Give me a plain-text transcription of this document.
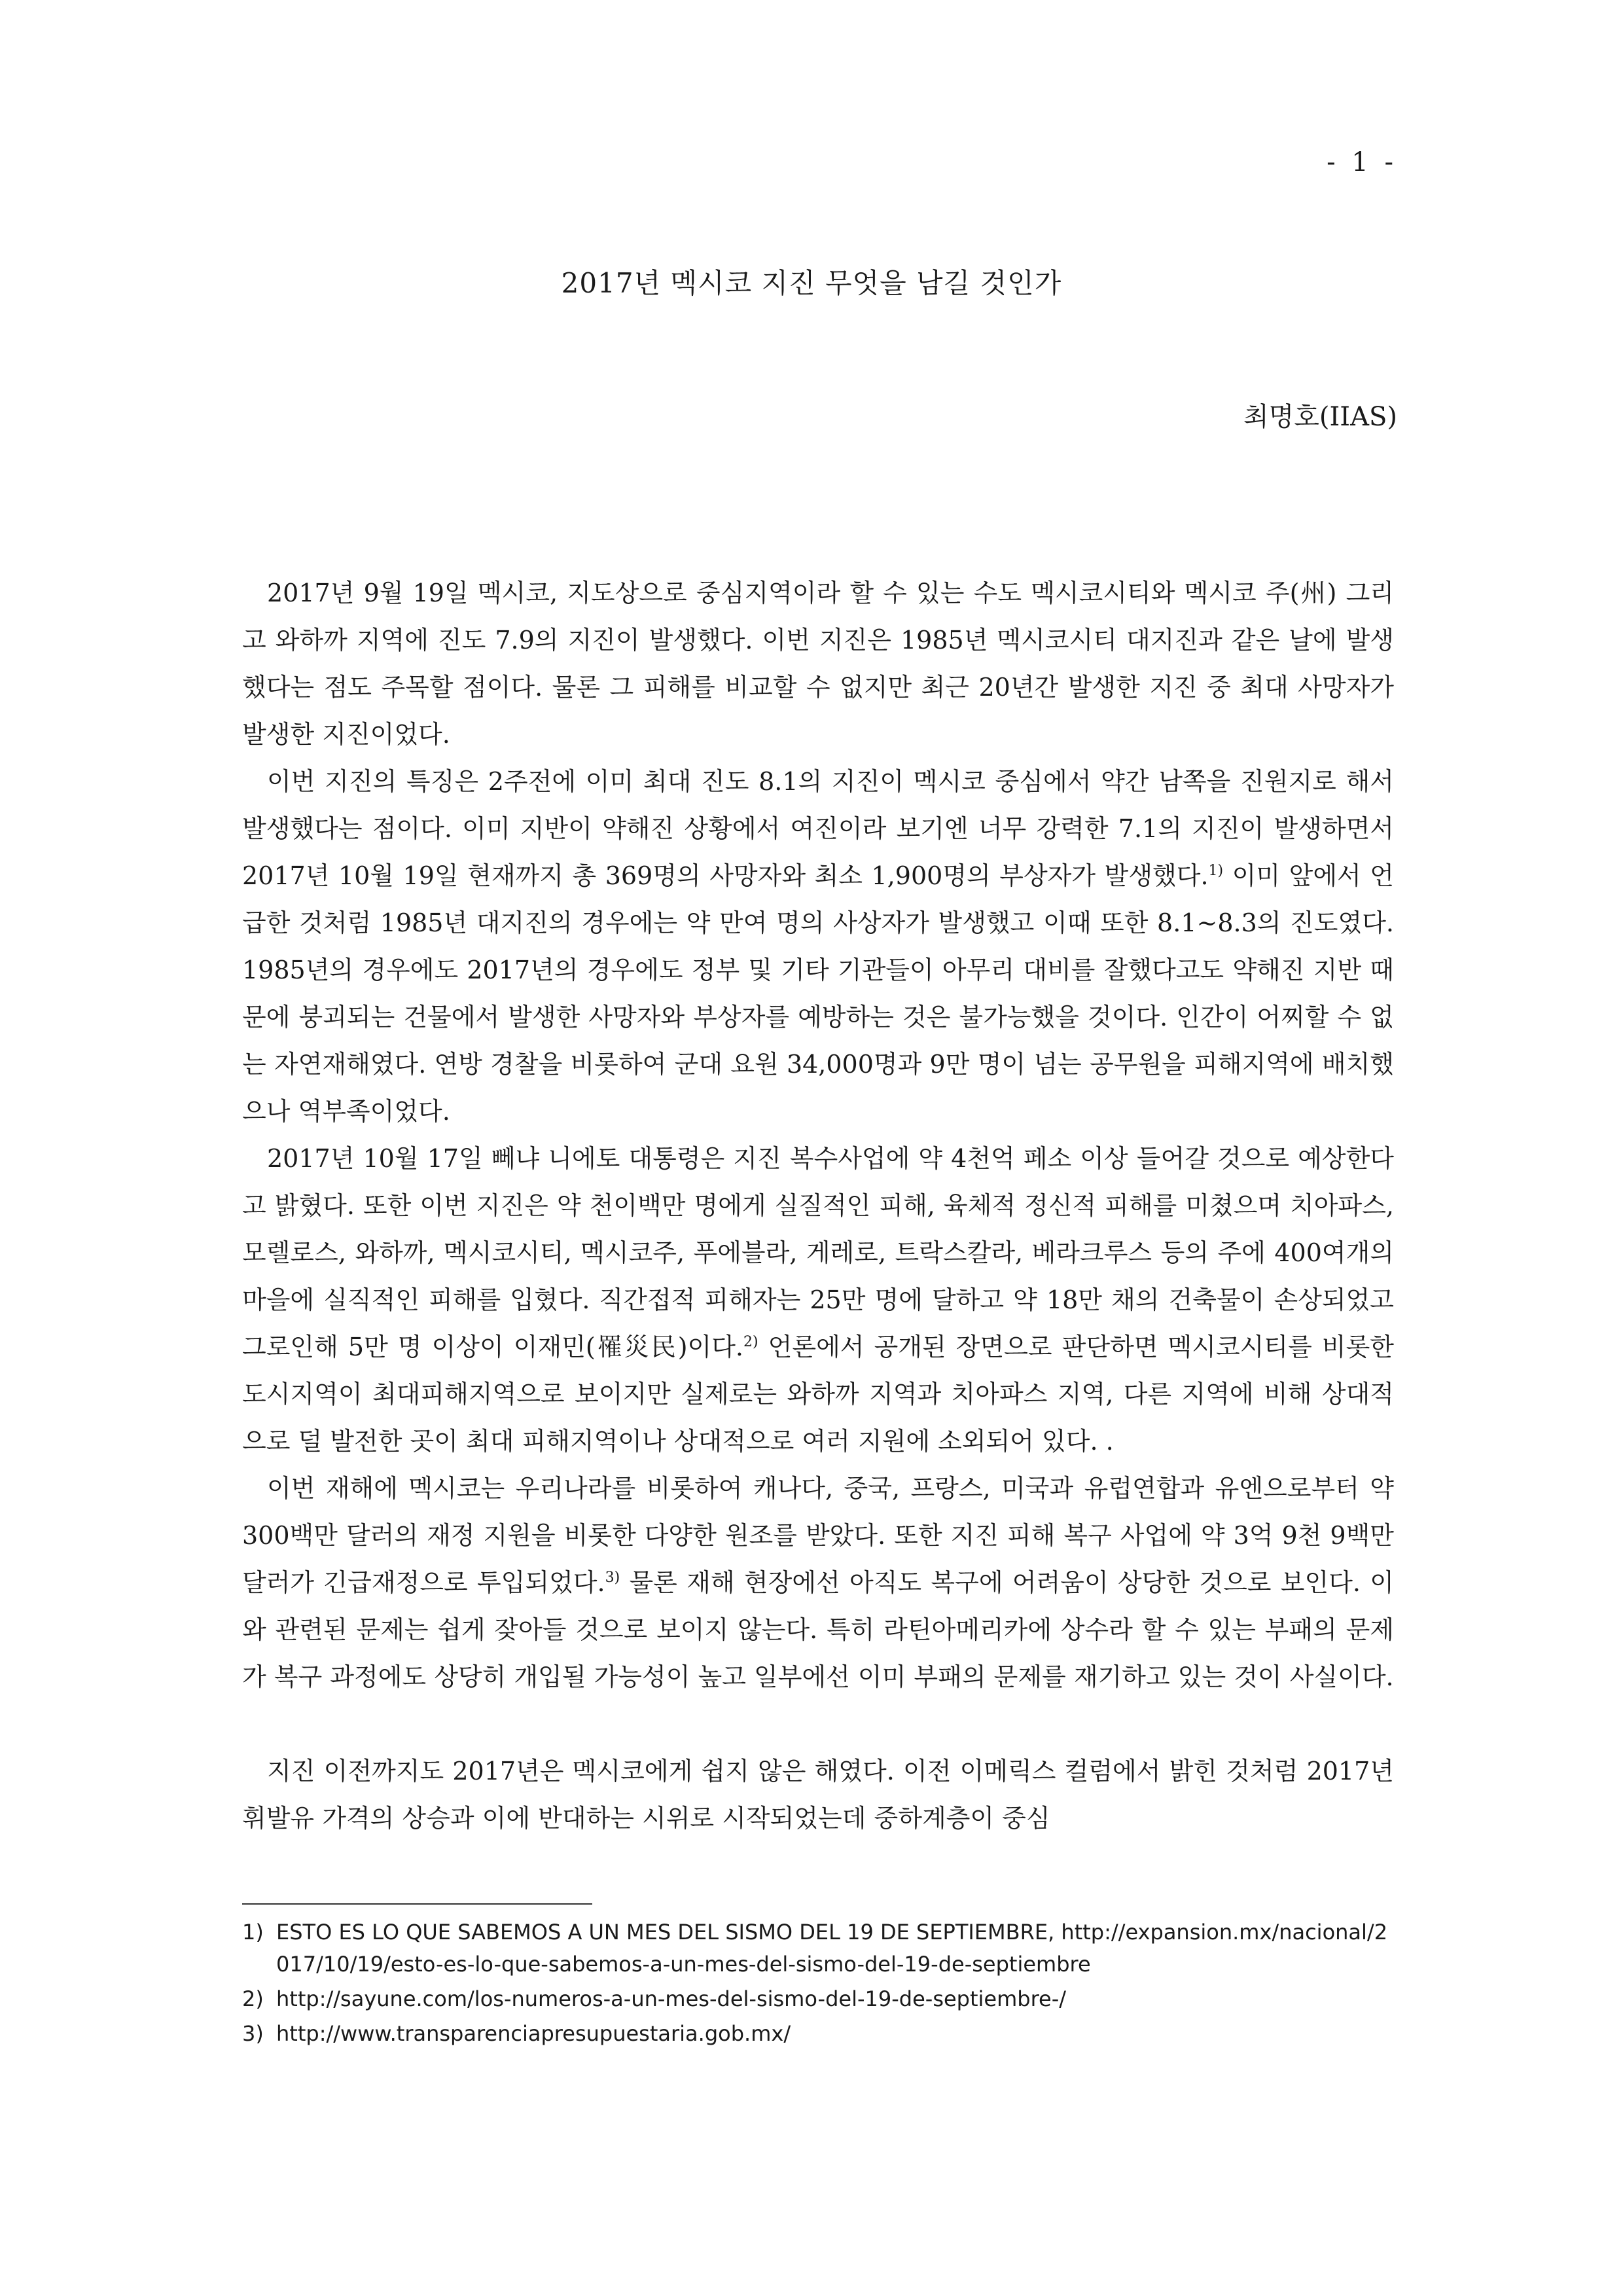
- 1 -
2017년 멕시코 지진 무엇을 남길 것인가
최명호(IIAS)

2017년 9월 19일 멕시코, 지도상으로 중심지역이라 할 수 있는 수도 멕시코시티와 멕시코 주(州) 그리고 와하까 지역에 진도 7.9의 지진이 발생했다. 이번 지진은 1985년 멕시코시티 대지진과 같은 날에 발생했다는 점도 주목할 점이다. 물론 그 피해를 비교할 수 없지만 최근 20년간 발생한 지진 중 최대 사망자가 발생한 지진이었다.

이번 지진의 특징은 2주전에 이미 최대 진도 8.1의 지진이 멕시코 중심에서 약간 남쪽을 진원지로 해서 발생했다는 점이다. 이미 지반이 약해진 상황에서 여진이라 보기엔 너무 강력한 7.1의 지진이 발생하면서 2017년 10월 19일 현재까지 총 369명의 사망자와 최소 1,900명의 부상자가 발생했다.$^{1)}$ 이미 앞에서 언급한 것처럼 1985년 대지진의 경우에는 약 만여 명의 사상자가 발생했고 이때 또한 8.1~8.3의 진도였다. 1985년의 경우에도 2017년의 경우에도 정부 및 기타 기관들이 아무리 대비를 잘했다고도 약해진 지반 때문에 붕괴되는 건물에서 발생한 사망자와 부상자를 예방하는 것은 불가능했을 것이다. 인간이 어찌할 수 없는 자연재해였다. 연방 경찰을 비롯하여 군대 요원 34,000명과 9만 명이 넘는 공무원을 피해지역에 배치했으나 역부족이었다.

2017년 10월 17일 뻬냐 니에토 대통령은 지진 복수사업에 약 4천억 페소 이상 들어갈 것으로 예상한다고 밝혔다. 또한 이번 지진은 약 천이백만 명에게 실질적인 피해, 육체적 정신적 피해를 미쳤으며 치아파스, 모렐로스, 와하까, 멕시코시티, 멕시코주, 푸에블라, 게레로, 트락스칼라, 베라크루스 등의 주에 400여개의 마을에 실직적인 피해를 입혔다. 직간접적 피해자는 25만 명에 달하고 약 18만 채의 건축물이 손상되었고 그로인해 5만 명 이상이 이재민(罹災民)이다.$^{2)}$ 언론에서 공개된 장면으로 판단하면 멕시코시티를 비롯한 도시지역이 최대피해지역으로 보이지만 실제로는 와하까 지역과 치아파스 지역, 다른 지역에 비해 상대적으로 덜 발전한 곳이 최대 피해지역이나 상대적으로 여러 지원에 소외되어 있다. .

이번 재해에 멕시코는 우리나라를 비롯하여 캐나다, 중국, 프랑스, 미국과 유럽연합과 유엔으로부터 약 300백만 달러의 재정 지원을 비롯한 다양한 원조를 받았다. 또한 지진 피해 복구 사업에 약 3억 9천 9백만 달러가 긴급재정으로 투입되었다.$^{3)}$ 물론 재해 현장에선 아직도 복구에 어려움이 상당한 것으로 보인다. 이와 관련된 문제는 쉽게 잦아들 것으로 보이지 않는다. 특히 라틴아메리카에 상수라 할 수 있는 부패의 문제가 복구 과정에도 상당히 개입될 가능성이 높고 일부에선 이미 부패의 문제를 재기하고 있는 것이 사실이다.

지진 이전까지도 2017년은 멕시코에게 쉽지 않은 해였다. 이전 이메릭스 컬럼에서 밝힌 것처럼 2017년 휘발유 가격의 상승과 이에 반대하는 시위로 시작되었는데 중하계층이 중심

1) ESTO ES LO QUE SABEMOS A UN MES DEL SISMO DEL 19 DE SEPTIEMBRE, http://expansion.mx/nacional/2017/10/19/esto-es-lo-que-sabemos-a-un-mes-del-sismo-del-19-de-septiembre
2) http://sayune.com/los-numeros-a-un-mes-del-sismo-del-19-de-septiembre-/
3) http://www.transparenciapresupuestaria.gob.mx/
